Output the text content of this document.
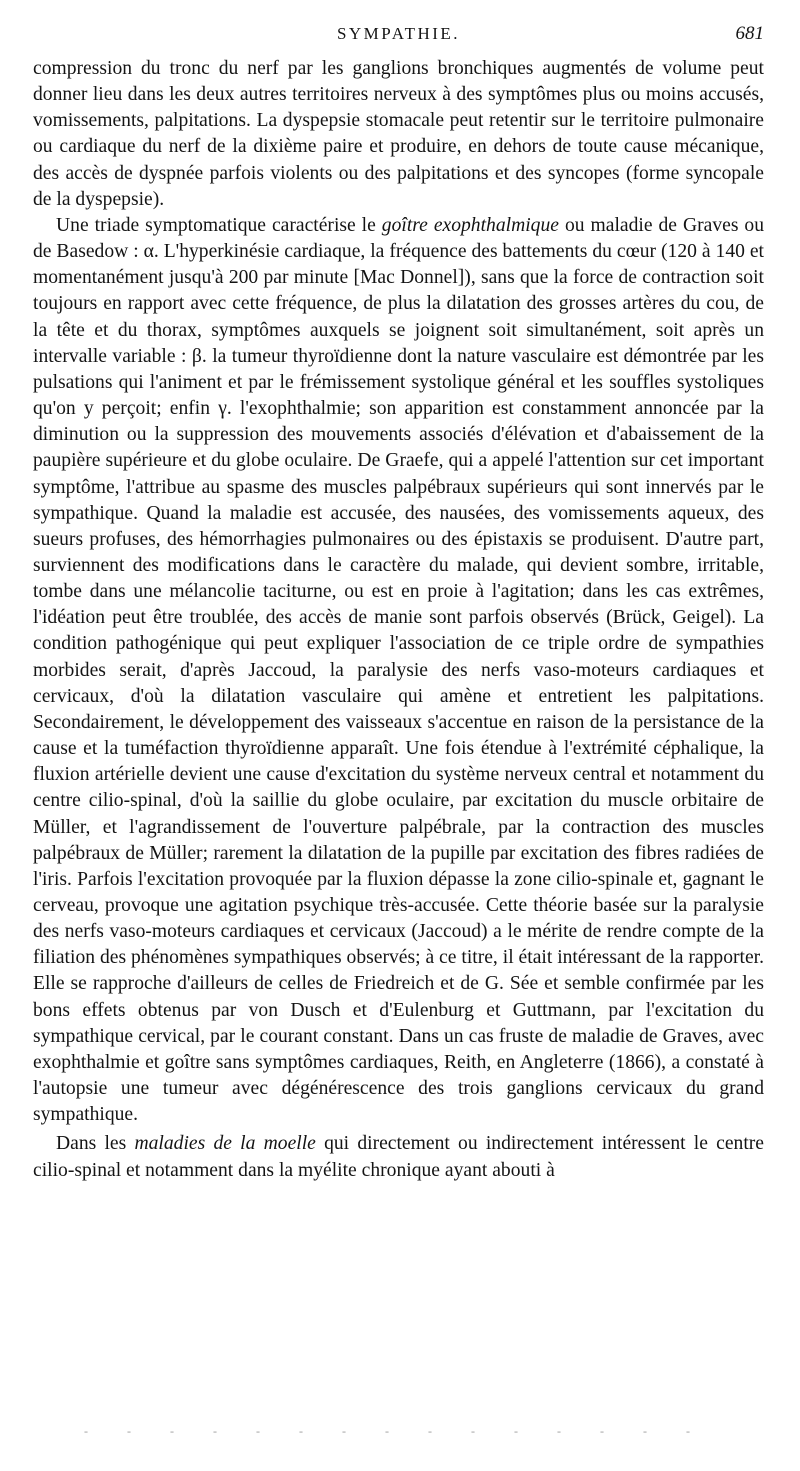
SYMPATHIE.	681

compression du tronc du nerf par les ganglions bronchiques augmentés de volume peut donner lieu dans les deux autres territoires nerveux à des symptômes plus ou moins accusés, vomissements, palpitations. La dyspepsie stomacale peut retentir sur le territoire pulmonaire ou cardiaque du nerf de la dixième paire et produire, en dehors de toute cause mécanique, des accès de dyspnée parfois violents ou des palpitations et des syncopes (forme syncopale de la dyspepsie).

Une triade symptomatique caractérise le goître exophthalmique ou maladie de Graves ou de Basedow : α. L'hyperkinésie cardiaque, la fréquence des battements du cœur (120 à 140 et momentanément jusqu'à 200 par minute [Mac Donnel]), sans que la force de contraction soit toujours en rapport avec cette fréquence, de plus la dilatation des grosses artères du cou, de la tête et du thorax, symptômes auxquels se joignent soit simultanément, soit après un intervalle variable : β. la tumeur thyroïdienne dont la nature vasculaire est démontrée par les pulsations qui l'animent et par le frémissement systolique général et les souffles systoliques qu'on y perçoit; enfin γ. l'exophthalmie; son apparition est constamment annoncée par la diminution ou la suppression des mouvements associés d'élévation et d'abaissement de la paupière supérieure et du globe oculaire. De Graefe, qui a appelé l'attention sur cet important symptôme, l'attribue au spasme des muscles palpébraux supérieurs qui sont innervés par le sympathique. Quand la maladie est accusée, des nausées, des vomissements aqueux, des sueurs profuses, des hémorrhagies pulmonaires ou des épistaxis se produisent. D'autre part, surviennent des modifications dans le caractère du malade, qui devient sombre, irritable, tombe dans une mélancolie taciturne, ou est en proie à l'agitation; dans les cas extrêmes, l'idéation peut être troublée, des accès de manie sont parfois observés (Brück, Geigel). La condition pathogénique qui peut expliquer l'association de ce triple ordre de sympathies morbides serait, d'après Jaccoud, la paralysie des nerfs vaso-moteurs cardiaques et cervicaux, d'où la dilatation vasculaire qui amène et entretient les palpitations. Secondairement, le développement des vaisseaux s'accentue en raison de la persistance de la cause et la tuméfaction thyroïdienne apparaît. Une fois étendue à l'extrémité céphalique, la fluxion artérielle devient une cause d'excitation du système nerveux central et notamment du centre cilio-spinal, d'où la saillie du globe oculaire, par excitation du muscle orbitaire de Müller, et l'agrandissement de l'ouverture palpébrale, par la contraction des muscles palpébraux de Müller; rarement la dilatation de la pupille par excitation des fibres radiées de l'iris. Parfois l'excitation provoquée par la fluxion dépasse la zone cilio-spinale et, gagnant le cerveau, provoque une agitation psychique très-accusée. Cette théorie basée sur la paralysie des nerfs vaso-moteurs cardiaques et cervicaux (Jaccoud) a le mérite de rendre compte de la filiation des phénomènes sympathiques observés; à ce titre, il était intéressant de la rapporter. Elle se rapproche d'ailleurs de celles de Friedreich et de G. Sée et semble confirmée par les bons effets obtenus par von Dusch et d'Eulenburg et Guttmann, par l'excitation du sympathique cervical, par le courant constant. Dans un cas fruste de maladie de Graves, avec exophthalmie et goître sans symptômes cardiaques, Reith, en Angleterre (1866), a constaté à l'autopsie une tumeur avec dégénérescence des trois ganglions cervicaux du grand sympathique.

Dans les maladies de la moelle qui directement ou indirectement intéressent le centre cilio-spinal et notamment dans la myélite chronique ayant abouti à

- - - - - - - - - - - - - - -
